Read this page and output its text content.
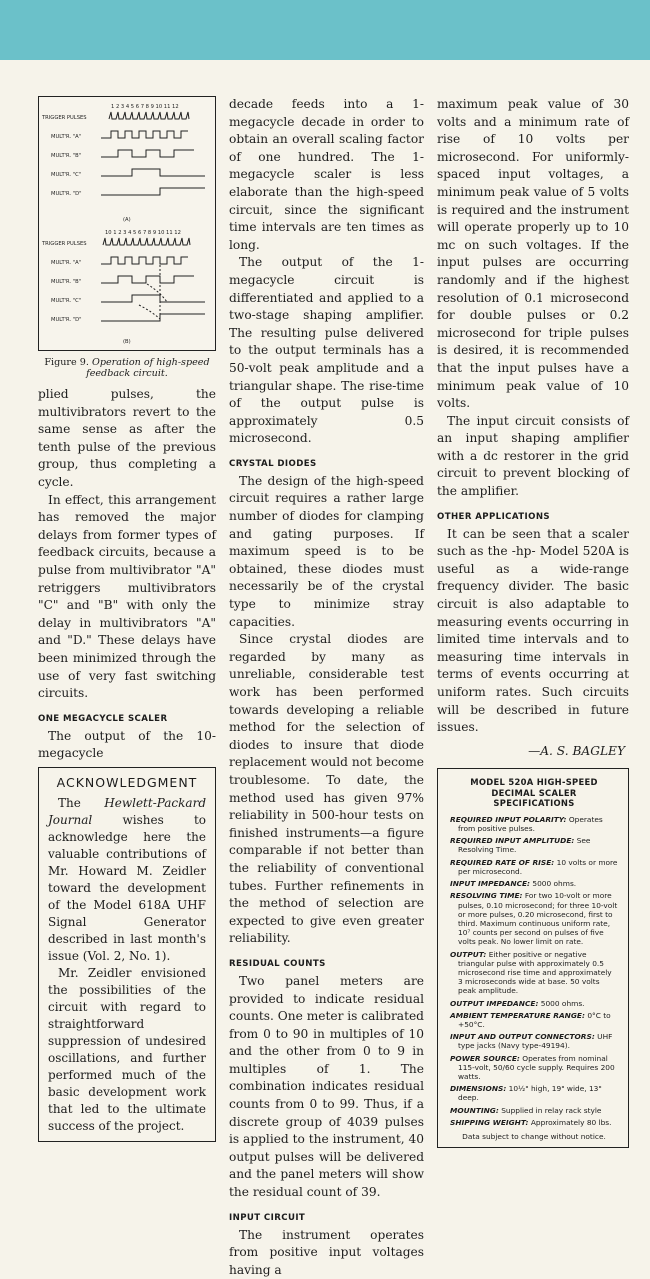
1 2 3 4 5 6 7 8 9 10 11 12
TRIGGER PULSES
MULT'R. "A"
MULT'R. "B"
MULT'R. "C"
MULT'R. "D"
(A)
10 1 2 3 4 5 6 7 8 9 10 11 12
TRIGGER PULSES
MULT'R. "A"
MULT'R. "B"
MULT'R. "C"
MULT'R. "D"
(B)
Figure 9. Operation of high-speed feedback circuit.

plied pulses, the multivibrators revert to the same sense as after the tenth pulse of the previous group, thus completing a cycle.

In effect, this arrangement has removed the major delays from former types of feedback circuits, because a pulse from multivibrator "A" retriggers multivibrators "C" and "B" with only the delay in multivibrators "A" and "D." These delays have been minimized through the use of very fast switching circuits.

ONE MEGACYCLE SCALER

The output of the 10-megacycle

ACKNOWLEDGMENT

The Hewlett-Packard Journal	wishes to acknowledge here the valuable contributions of Mr. Howard M. Zeidler toward the development of the Model 618A UHF Signal Generator described in last month's issue (Vol. 2, No. 1).

Mr. Zeidler envisioned the possibilities of the circuit with regard to straightforward suppression of undesired oscillations, and further performed much of the basic development work that led to the ultimate success of the project.

decade feeds into a 1-megacycle decade in order to obtain an overall scaling factor of one hundred. The 1-megacycle scaler is less elaborate than the high-speed circuit, since the significant time intervals are ten times as long.

The output of the 1-megacycle circuit is differentiated and applied to a two-stage shaping amplifier. The resulting pulse delivered to the output terminals has a 50-volt peak amplitude and a triangular shape. The rise-time of the output pulse is approximately 0.5 microsecond.

CRYSTAL DIODES

The design of the high-speed circuit requires a rather large number of diodes for clamping and gating purposes. If maximum speed is to be obtained, these diodes must necessarily be of the crystal type to minimize stray capacities.

Since crystal diodes are regarded by many as unreliable, considerable test work has been performed towards developing a reliable method for the selection of diodes to insure that diode replacement would not become troublesome. To date, the method used has given 97% reliability in 500-hour tests on finished instruments—a figure comparable if not better than the reliability of conventional tubes. Further refinements in the method of selection are expected to give even greater reliability.

RESIDUAL COUNTS

Two panel meters are provided to indicate residual counts. One meter is calibrated from 0 to 90 in multiples of 10 and the other from 0 to 9 in multiples of 1. The combination indicates residual counts from 0 to 99. Thus, if a discrete group of 4039 pulses is applied to the instrument, 40 output pulses will be delivered and the panel meters will show the residual count of 39.

INPUT CIRCUIT

The instrument operates from positive input voltages having a

maximum peak value of 30 volts and a minimum rate of rise of 10 volts per microsecond. For uniformly-spaced input voltages, a minimum peak value of 5 volts is required and the instrument will operate properly up to 10 mc on such voltages. If the input pulses are occurring randomly and if the highest resolution of 0.1 microsecond for double pulses or 0.2 microsecond for triple pulses is desired, it is recommended that the input pulses have a minimum peak value of 10 volts.

The input circuit consists of an input shaping amplifier with a dc restorer in the grid circuit to prevent blocking of the amplifier.

OTHER APPLICATIONS

It can be seen that a scaler such as the -hp- Model 520A is useful as a wide-range frequency divider. The basic circuit is also adaptable to measuring events occurring in limited time intervals and to measuring time intervals in terms of events occurring at uniform rates. Such circuits will be described in future issues.

—A. S. BAGLEY

MODEL 520A HIGH-SPEED
DECIMAL SCALER
SPECIFICATIONS
REQUIRED INPUT POLARITY: Operates from positive pulses.
REQUIRED INPUT AMPLITUDE: See Resolving Time.
REQUIRED RATE OF RISE: 10 volts or more per microsecond.
INPUT IMPEDANCE: 5000 ohms.
RESOLVING TIME: For two 10-volt or more pulses, 0.10 microsecond; for three 10-volt or more pulses, 0.20 microsecond, first to third. Maximum continuous uniform rate, 10⁷ counts per second on pulses of five volts peak. No lower limit on rate.
OUTPUT: Either positive or negative triangular pulse with approximately 0.5 microsecond rise time and approximately 3 microseconds wide at base. 50 volts peak amplitude.
OUTPUT IMPEDANCE: 5000 ohms.
AMBIENT TEMPERATURE RANGE: 0°C to +50°C.
INPUT AND OUTPUT CONNECTORS: UHF type jacks (Navy type-49194).
POWER SOURCE: Operates from nominal 115-volt, 50/60 cycle supply. Requires 200 watts.
DIMENSIONS: 10½" high, 19" wide, 13" deep.
MOUNTING: Supplied in relay rack style
SHIPPING WEIGHT: Approximately 80 lbs.
Data subject to change without notice.
